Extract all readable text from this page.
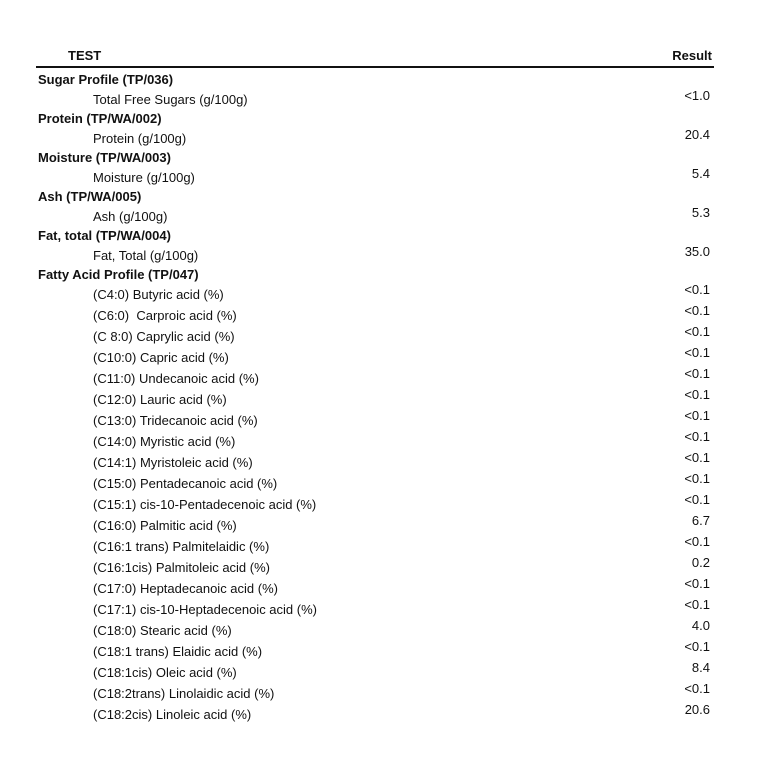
TEST	Result
Sugar Profile (TP/036)
Total Free Sugars (g/100g)	<1.0
Protein (TP/WA/002)
Protein (g/100g)	20.4
Moisture (TP/WA/003)
Moisture (g/100g)	5.4
Ash (TP/WA/005)
Ash (g/100g)	5.3
Fat, total (TP/WA/004)
Fat, Total (g/100g)	35.0
Fatty Acid Profile (TP/047)
(C4:0) Butyric acid (%)	<0.1
(C6:0)  Carproic acid (%)	<0.1
(C 8:0) Caprylic acid (%)	<0.1
(C10:0) Capric acid (%)	<0.1
(C11:0) Undecanoic acid (%)	<0.1
(C12:0) Lauric acid (%)	<0.1
(C13:0) Tridecanoic acid (%)	<0.1
(C14:0) Myristic acid (%)	<0.1
(C14:1) Myristoleic acid (%)	<0.1
(C15:0) Pentadecanoic acid (%)	<0.1
(C15:1) cis-10-Pentadecenoic acid (%)	<0.1
(C16:0) Palmitic acid (%)	6.7
(C16:1 trans) Palmitelaidic (%)	<0.1
(C16:1cis) Palmitoleic acid (%)	0.2
(C17:0) Heptadecanoic acid (%)	<0.1
(C17:1) cis-10-Heptadecenoic acid (%)	<0.1
(C18:0) Stearic acid (%)	4.0
(C18:1 trans) Elaidic acid (%)	<0.1
(C18:1cis) Oleic acid (%)	8.4
(C18:2trans) Linolaidic acid (%)	<0.1
(C18:2cis) Linoleic acid (%)	20.6
